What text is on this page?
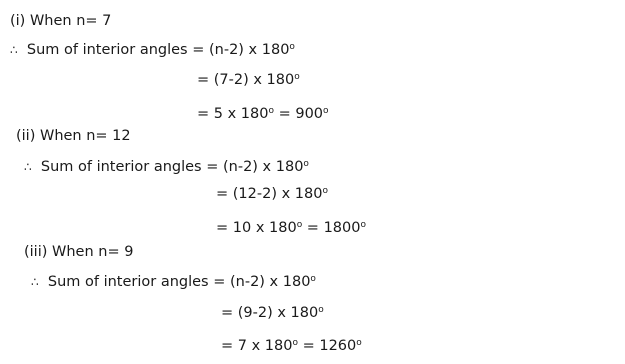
(i) When n= 7
∴ Sum of interior angles = (n-2) x $180^o$
= (7-2) x $180^o$
= 5 x $180^o = 900^o$
(ii) When n= 12
∴ Sum of interior angles = (n-2) x $180^o$
= (12-2) x $180^o$
= 10 x $180^o = 1800^o$
(iii) When n= 9
∴ Sum of interior angles = (n-2) x $180^o$
= (9-2) x $180^o$
= 7 x $180^o = 1260^o$
